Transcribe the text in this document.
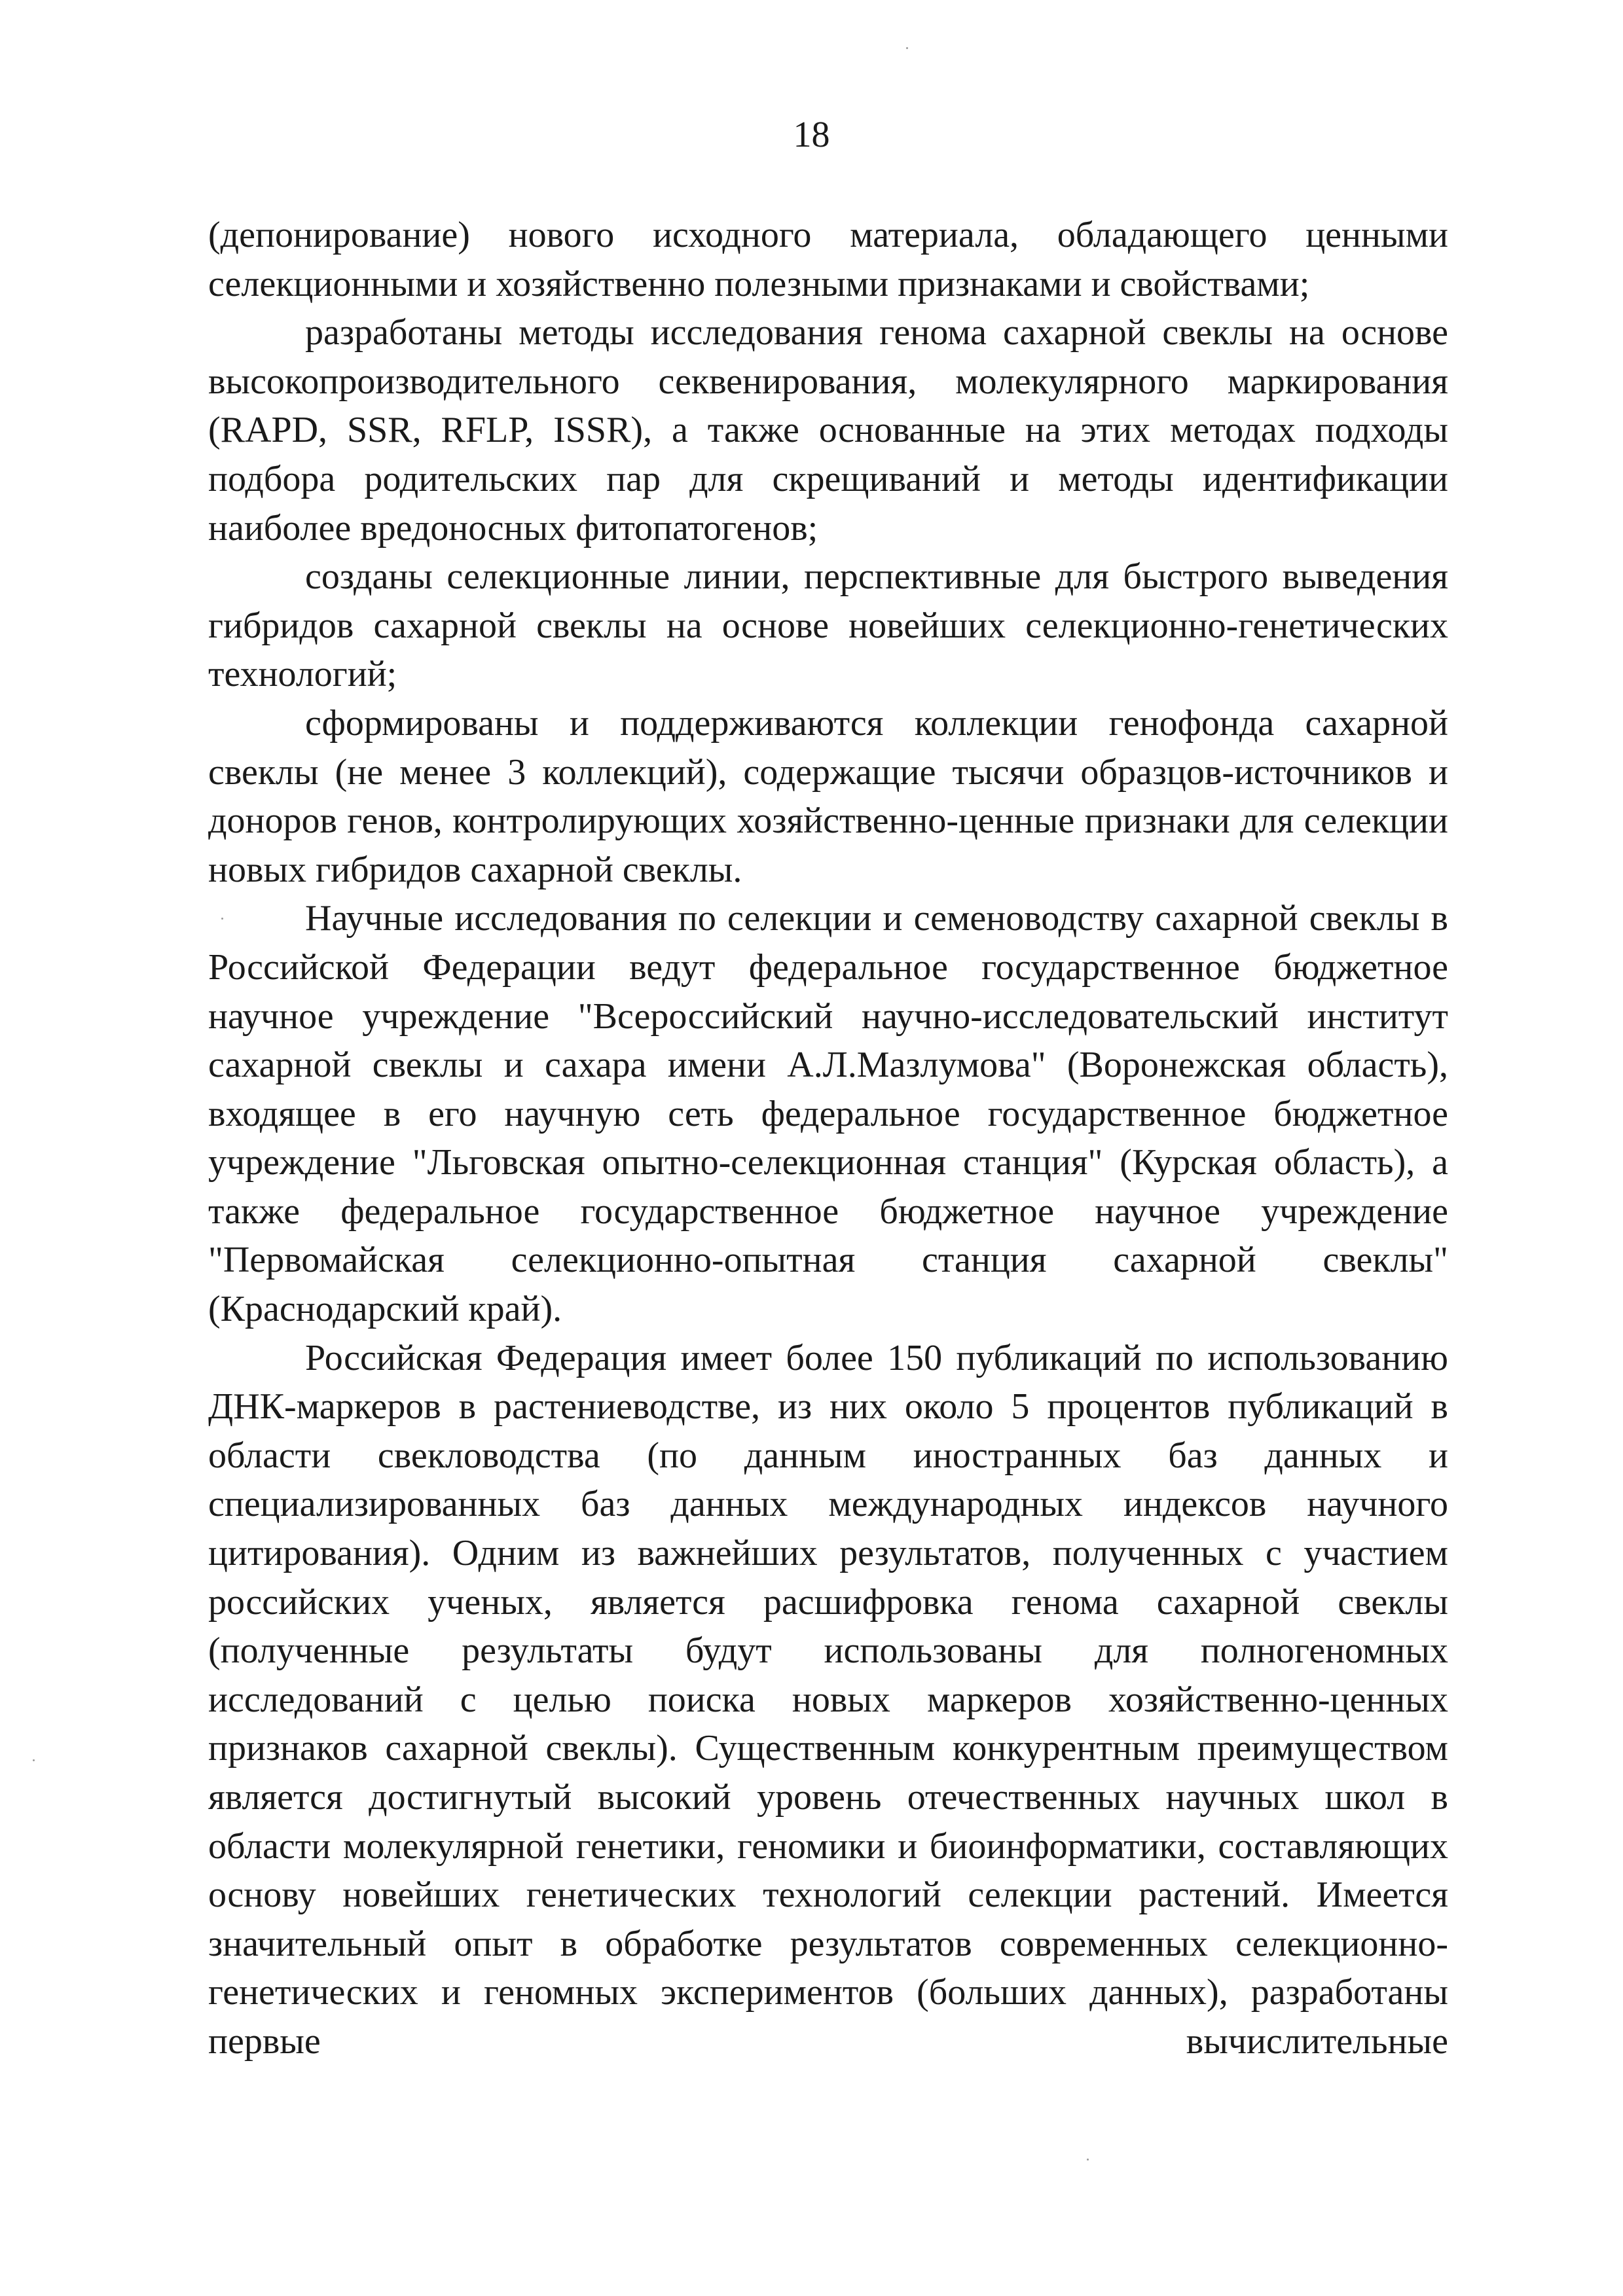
18

(депонирование) нового исходного материала, обладающего ценными селекционными и хозяйственно полезными признаками и свойствами;

разработаны методы исследования генома сахарной свеклы на основе высокопроизводительного секвенирования, молекулярного маркирования (RAPD, SSR, RFLP, ISSR), а также основанные на этих методах подходы подбора родительских пар для скрещиваний и методы идентификации наиболее вредоносных фитопатогенов;

созданы селекционные линии, перспективные для быстрого выведения гибридов сахарной свеклы на основе новейших селекционно-генетических технологий;

сформированы и поддерживаются коллекции генофонда сахарной свеклы (не менее 3 коллекций), содержащие тысячи образцов-источников и доноров генов, контролирующих хозяйственно-ценные признаки для селекции новых гибридов сахарной свеклы.

Научные исследования по селекции и семеноводству сахарной свеклы в Российской Федерации ведут федеральное государственное бюджетное научное учреждение "Всероссийский научно-исследовательский институт сахарной свеклы и сахара имени А.Л.Мазлумова" (Воронежская область), входящее в его научную сеть федеральное государственное бюджетное учреждение "Льговская опытно-селекционная станция" (Курская область), а также федеральное государственное бюджетное научное учреждение "Первомайская селекционно-опытная станция сахарной свеклы" (Краснодарский край).

Российская Федерация имеет более 150 публикаций по использованию ДНК-маркеров в растениеводстве, из них около 5 процентов публикаций в области свекловодства (по данным иностранных баз данных и специализированных баз данных международных индексов научного цитирования). Одним из важнейших результатов, полученных с участием российских ученых, является расшифровка генома сахарной свеклы (полученные результаты будут использованы для полногеномных исследований с целью поиска новых маркеров хозяйственно-ценных признаков сахарной свеклы). Существенным конкурентным преимуществом является достигнутый высокий уровень отечественных научных школ в области молекулярной генетики, геномики и биоинформатики, составляющих основу новейших генетических технологий селекции растений. Имеется значительный опыт в обработке результатов современных селекционно-генетических и геномных экспериментов (больших данных), разработаны первые вычислительные
